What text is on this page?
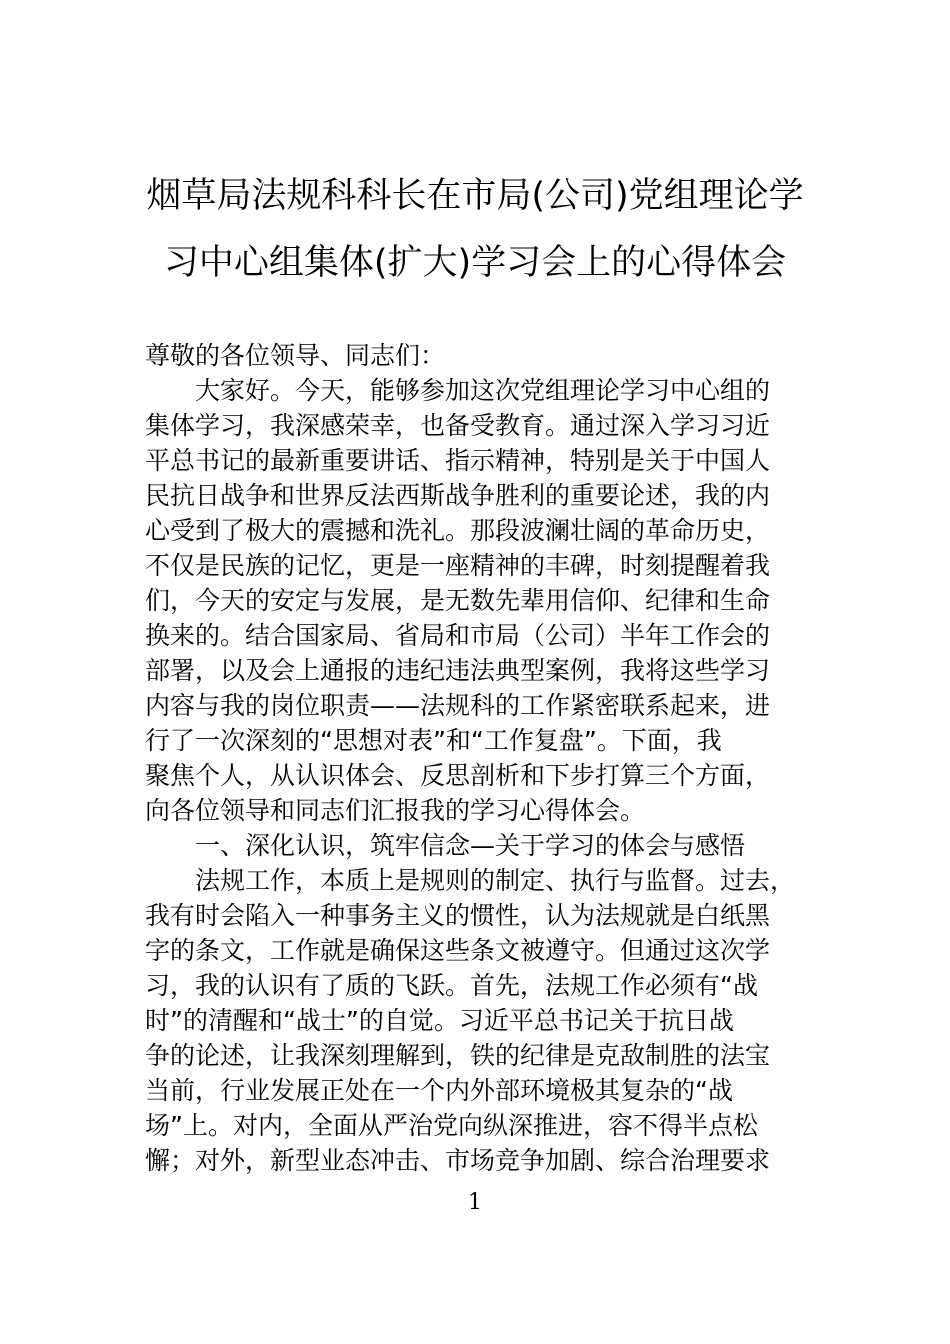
烟草局法规科科长在市局(公司)党组理论学
习中心组集体(扩大)学习会上的心得体会
尊敬的各位领导、同志们：
　　大家好。今天，能够参加这次党组理论学习中心组的
集体学习，我深感荣幸，也备受教育。通过深入学习习近
平总书记的最新重要讲话、指示精神，特别是关于中国人
民抗日战争和世界反法西斯战争胜利的重要论述，我的内
心受到了极大的震撼和洗礼。那段波澜壮阔的革命历史，
不仅是民族的记忆，更是一座精神的丰碑，时刻提醒着我
们，今天的安定与发展，是无数先辈用信仰、纪律和生命
换来的。结合国家局、省局和市局（公司）半年工作会的
部署，以及会上通报的违纪违法典型案例，我将这些学习
内容与我的岗位职责——法规科的工作紧密联系起来，进
行了一次深刻的“思想对表”和“工作复盘”。下面，我
聚焦个人，从认识体会、反思剖析和下步打算三个方面，
向各位领导和同志们汇报我的学习心得体会。
　　一、深化认识，筑牢信念—关于学习的体会与感悟
　　法规工作，本质上是规则的制定、执行与监督。过去，
我有时会陷入一种事务主义的惯性，认为法规就是白纸黑
字的条文，工作就是确保这些条文被遵守。但通过这次学
习，我的认识有了质的飞跃。首先，法规工作必须有“战
时”的清醒和“战士”的自觉。习近平总书记关于抗日战
争的论述，让我深刻理解到，铁的纪律是克敌制胜的法宝
当前，行业发展正处在一个内外部环境极其复杂的“战
场”上。对内，全面从严治党向纵深推进，容不得半点松
懈；对外，新型业态冲击、市场竞争加剧、综合治理要求
1
